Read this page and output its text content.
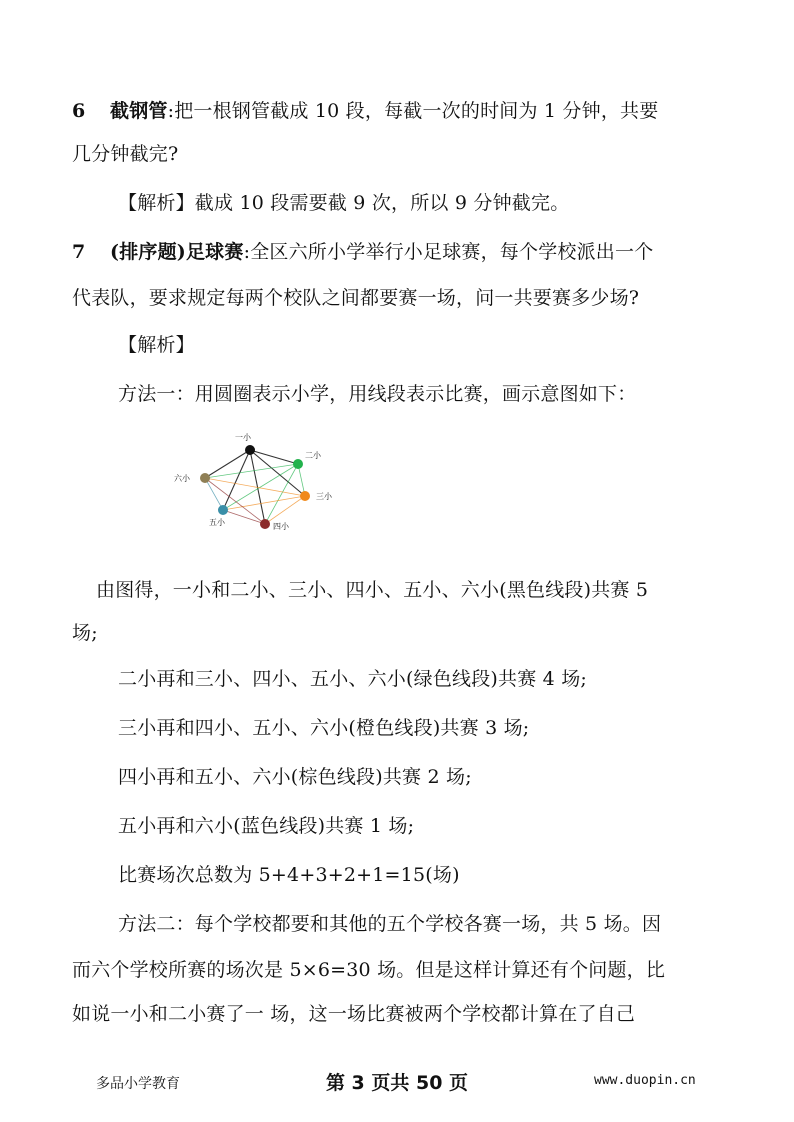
6 截钢管:把一根钢管截成 10 段，每截一次的时间为 1 分钟，共要
几分钟截完?
【解析】截成 10 段需要截 9 次，所以 9 分钟截完。
7 (排序题)足球赛:全区六所小学举行小足球赛，每个学校派出一个
代表队，要求规定每两个校队之间都要赛一场，问一共要赛多少场?
【解析】
方法一：用圆圈表示小学，用线段表示比赛，画示意图如下：
一小
二小
三小
四小
五小
六小
由图得，一小和二小、三小、四小、五小、六小(黑色线段)共赛 5
场;
二小再和三小、四小、五小、六小(绿色线段)共赛 4 场;
三小再和四小、五小、六小(橙色线段)共赛 3 场;
四小再和五小、六小(棕色线段)共赛 2 场;
五小再和六小(蓝色线段)共赛 1 场;
比赛场次总数为 5+4+3+2+1=15(场)
方法二：每个学校都要和其他的五个学校各赛一场，共 5 场。因
而六个学校所赛的场次是 5×6=30 场。但是这样计算还有个问题，比
如说一小和二小赛了一 场，这一场比赛被两个学校都计算在了自己
多品小学教育	第 3 页共 50 页	www.duopin.cn
